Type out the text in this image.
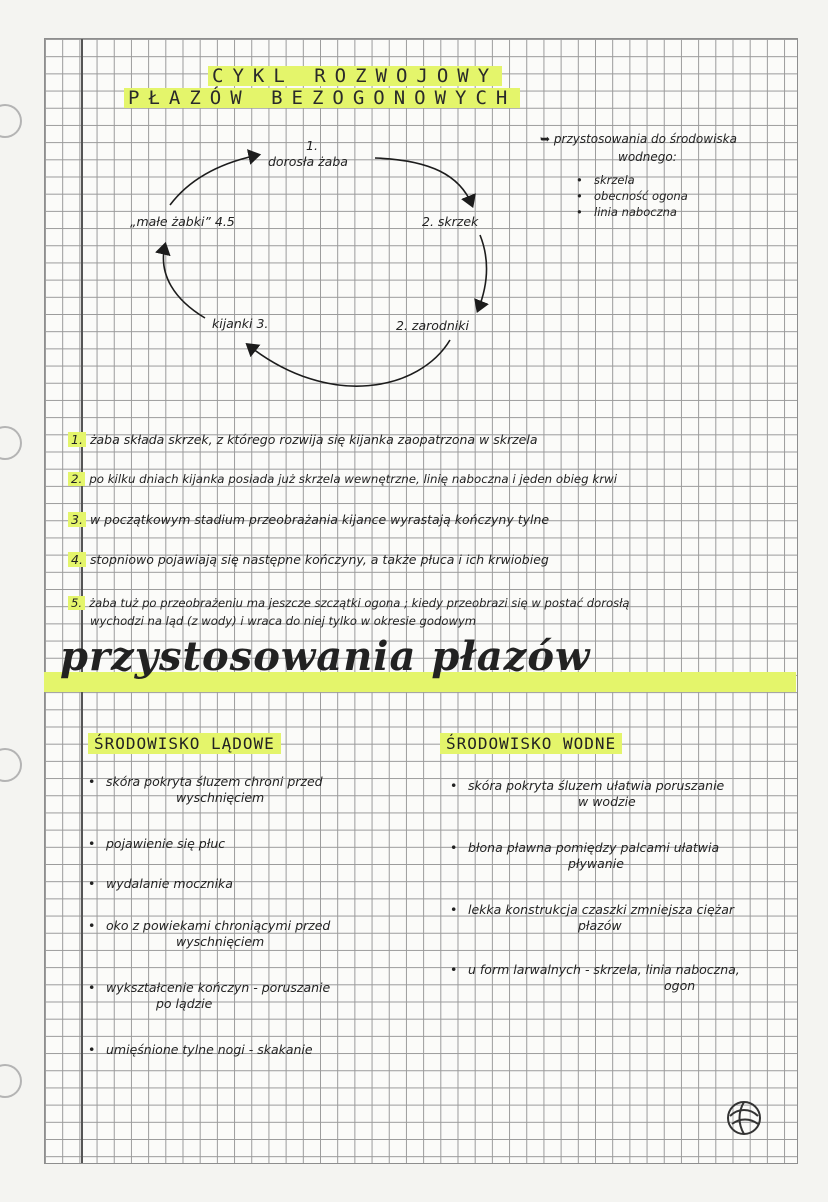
CYKL ROZWOJOWY
PŁAZÓW BEZOGONOWYCH
1.
dorosła żaba
2. skrzek
2. zarodniki
kijanki 3.
„małe żabki” 4.5
➥ przystosowania do środowiska
wodnego:
• skrzela
• obecność ogona
• linia naboczna
1. żaba składa skrzek, z którego rozwija się kijanka zaopatrzona w skrzela
2. po kilku dniach kijanka posiada już skrzela wewnętrzne, linię naboczna i jeden obieg krwi
3. w początkowym stadium przeobrażania kijance wyrastają kończyny tylne
4. stopniowo pojawiają się następne kończyny, a także płuca i ich krwiobieg
5. żaba tuż po przeobrażeniu ma jeszcze szczątki ogona ; kiedy przeobrazi się w postać dorosłą
wychodzi na ląd (z wody) i wraca do niej tylko w okresie godowym
przystosowania płazów
ŚRODOWISKO LĄDOWE
• skóra pokryta śluzem chroni przed
wyschnięciem
• pojawienie się płuc
• wydalanie mocznika
• oko z powiekami chroniącymi przed
wyschnięciem
• wykształcenie kończyn - poruszanie
po lądzie
• umięśnione tylne nogi - skakanie
ŚRODOWISKO WODNE
• skóra pokryta śluzem ułatwia poruszanie
w wodzie
• błona pławna pomiędzy palcami ułatwia
pływanie
• lekka konstrukcja czaszki zmniejsza ciężar
płazów
• u form larwalnych - skrzela, linia naboczna,
ogon
